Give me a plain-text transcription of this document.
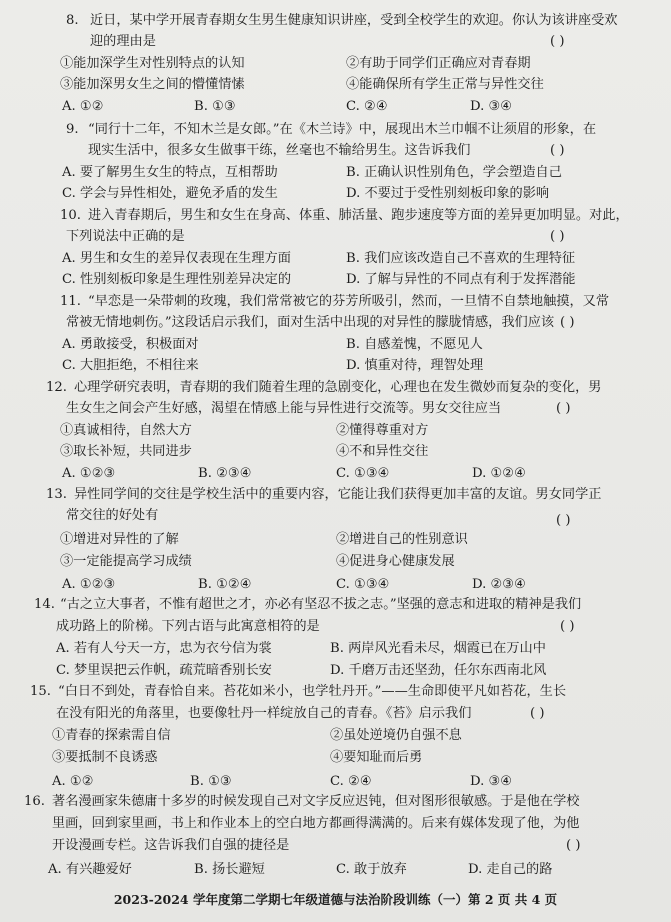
8. 近日，某中学开展青春期女生男生健康知识讲座，受到全校学生的欢迎。你认为该讲座受欢
迎的理由是	( )
①能加深学生对性别特点的认知	②有助于同学们正确应对青春期
③能加深男女生之间的懵懂情愫	④能确保所有学生正常与异性交往
A. ①②	B. ①③	C. ②④	D. ③④
9. “同行十二年，不知木兰是女郎。”在《木兰诗》中，展现出木兰巾帼不让须眉的形象，在
现实生活中，很多女生做事干练，丝毫也不输给男生。这告诉我们	( )
A. 要了解男生女生的特点，互相帮助	B. 正确认识性别角色，学会塑造自己
C. 学会与异性相处，避免矛盾的发生	D. 不要过于受性别刻板印象的影响
10. 进入青春期后，男生和女生在身高、体重、肺活量、跑步速度等方面的差异更加明显。对此，
下列说法中正确的是	( )
A. 男生和女生的差异仅表现在生理方面	B. 我们应该改造自己不喜欢的生理特征
C. 性别刻板印象是生理性别差异决定的	D. 了解与异性的不同点有利于发挥潜能
11. “早恋是一朵带刺的玫瑰，我们常常被它的芬芳所吸引，然而，一旦情不自禁地触摸，又常
常被无情地刺伤。”这段话启示我们，面对生活中出现的对异性的朦胧情感，我们应该 ( )
A. 勇敢接受，积极面对	B. 自感羞愧，不愿见人
C. 大胆拒绝，不相往来	D. 慎重对待，理智处理
12. 心理学研究表明，青春期的我们随着生理的急剧变化，心理也在发生微妙而复杂的变化，男
生女生之间会产生好感，渴望在情感上能与异性进行交流等。男女交往应当	( )
①真诚相待，自然大方	②懂得尊重对方
③取长补短，共同进步	④不和异性交往
A. ①②③	B. ②③④	C. ①③④	D. ①②④
13. 异性同学间的交往是学校生活中的重要内容，它能让我们获得更加丰富的友谊。男女同学正
常交往的好处有	( )
①增进对异性的了解	②增进自己的性别意识
③一定能提高学习成绩	④促进身心健康发展
A. ①②③	B. ①②④	C. ①③④	D. ②③④
14. “古之立大事者，不惟有超世之才，亦必有坚忍不拔之志。”坚强的意志和进取的精神是我们
成功路上的阶梯。下列古语与此寓意相符的是	( )
A. 若有人兮天一方，忠为衣兮信为裳	B. 两岸风光看未尽，烟霞已在万山中
C. 梦里误把云作帆，疏荒暗香别长安	D. 千磨万击还坚劲，任尔东西南北风
15. “白日不到处，青春恰自来。苔花如米小，也学牡丹开。”——生命即使平凡如苔花，生长
在没有阳光的角落里，也要像牡丹一样绽放自己的青春。《苔》启示我们	( )
①青春的探索需自信	②虽处逆境仍自强不息
③要抵制不良诱惑	④要知耻而后勇
A. ①②	B. ①③	C. ②④	D. ③④
16. 著名漫画家朱德庸十多岁的时候发现自己对文字反应迟钝，但对图形很敏感。于是他在学校
里画，回到家里画，书上和作业本上的空白地方都画得满满的。后来有媒体发现了他，为他
开设漫画专栏。这告诉我们自强的捷径是	( )
A. 有兴趣爱好	B. 扬长避短	C. 敢于放弃	D. 走自己的路
2023-2024 学年度第二学期七年级道德与法治阶段训练（一）第 2 页 共 4 页
